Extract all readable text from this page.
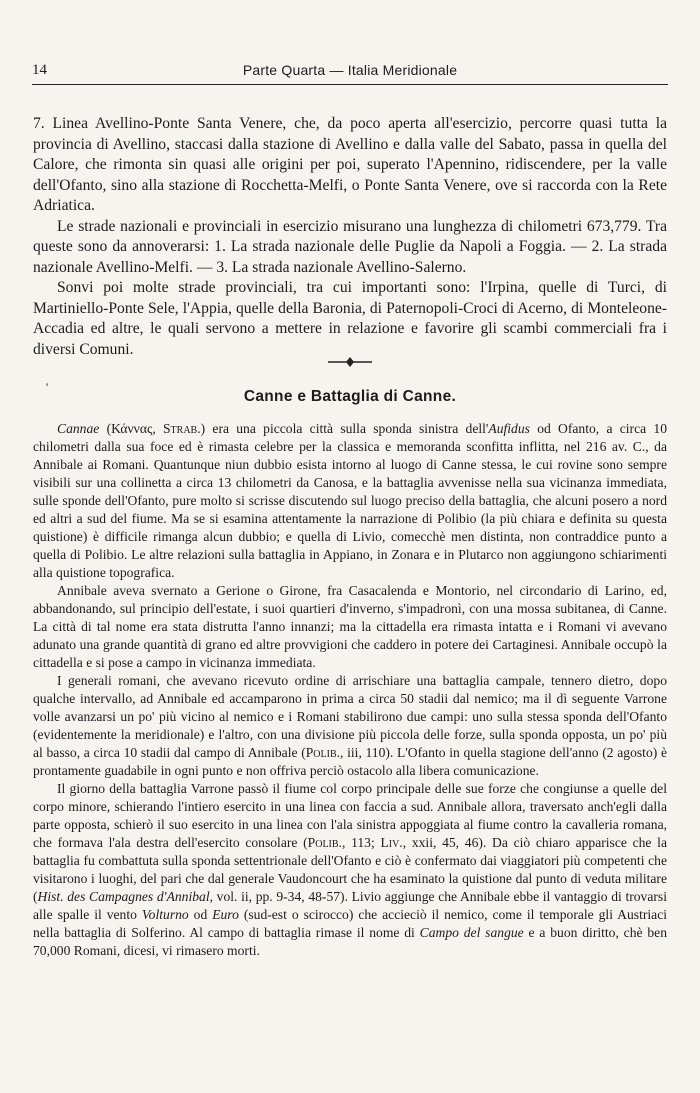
14	Parte Quarta — Italia Meridionale

7. Linea Avellino-Ponte Santa Venere, che, da poco aperta all'esercizio, percorre quasi tutta la provincia di Avellino, staccasi dalla stazione di Avellino e dalla valle del Sabato, passa in quella del Calore, che rimonta sin quasi alle origini per poi, superato l'Apennino, ridiscendere, per la valle dell'Ofanto, sino alla stazione di Rocchetta-Melfi, o Ponte Santa Venere, ove si raccorda con la Rete Adriatica.

Le strade nazionali e provinciali in esercizio misurano una lunghezza di chilometri 673,779. Tra queste sono da annoverarsi: 1. La strada nazionale delle Puglie da Napoli a Foggia. — 2. La strada nazionale Avellino-Melfi. — 3. La strada nazionale Avellino-Salerno.

Sonvi poi molte strade provinciali, tra cui importanti sono: l'Irpina, quelle di Turci, di Martiniello-Ponte Sele, l'Appia, quelle della Baronia, di Paternopoli-Croci di Acerno, di Monteleone-Accadia ed altre, le quali servono a mettere in relazione e favorire gli scambi commerciali fra i diversi Comuni.

'
Canne e Battaglia di Canne.

Cannae (Κάννας, Strab.) era una piccola città sulla sponda sinistra dell'Aufidus od Ofanto, a circa 10 chilometri dalla sua foce ed è rimasta celebre per la classica e memoranda sconfitta inflitta, nel 216 av. C., da Annibale ai Romani. Quantunque niun dubbio esista intorno al luogo di Canne stessa, le cui rovine sono sempre visibili sur una collinetta a circa 13 chilometri da Canosa, e la battaglia avvenisse nella sua vicinanza immediata, sulle sponde dell'Ofanto, pure molto si scrisse discutendo sul luogo preciso della battaglia, che alcuni posero a nord ed altri a sud del fiume. Ma se si esamina attentamente la narrazione di Polibio (la più chiara e definita su questa quistione) è difficile rimanga alcun dubbio; e quella di Livio, comecchè men distinta, non contraddice punto a quella di Polibio. Le altre relazioni sulla battaglia in Appiano, in Zonara e in Plutarco non aggiungono schiarimenti alla quistione topografica.

Annibale aveva svernato a Gerione o Girone, fra Casacalenda e Montorio, nel circondario di Larino, ed, abbandonando, sul principio dell'estate, i suoi quartieri d'inverno, s'impadronì, con una mossa subitanea, di Canne. La città di tal nome era stata distrutta l'anno innanzi; ma la cittadella era rimasta intatta e i Romani vi avevano adunato una grande quantità di grano ed altre provvigioni che caddero in potere dei Cartaginesi. Annibale occupò la cittadella e si pose a campo in vicinanza immediata.

I generali romani, che avevano ricevuto ordine di arrischiare una battaglia campale, tennero dietro, dopo qualche intervallo, ad Annibale ed accamparono in prima a circa 50 stadii dal nemico; ma il dì seguente Varrone volle avanzarsi un po' più vicino al nemico e i Romani stabilirono due campi: uno sulla stessa sponda dell'Ofanto (evidentemente la meridionale) e l'altro, con una divisione più piccola delle forze, sulla sponda opposta, un po' più al basso, a circa 10 stadii dal campo di Annibale (Polib., iii, 110). L'Ofanto in quella stagione dell'anno (2 agosto) è prontamente guadabile in ogni punto e non offriva perciò ostacolo alla libera comunicazione.

Il giorno della battaglia Varrone passò il fiume col corpo principale delle sue forze che congiunse a quelle del corpo minore, schierando l'intiero esercito in una linea con faccia a sud. Annibale allora, traversato anch'egli dalla parte opposta, schierò il suo esercito in una linea con l'ala sinistra appoggiata al fiume contro la cavalleria romana, che formava l'ala destra dell'esercito consolare (Polib., 113; Liv., xxii, 45, 46). Da ciò chiaro apparisce che la battaglia fu combattuta sulla sponda settentrionale dell'Ofanto e ciò è confermato dai viaggiatori più competenti che visitarono i luoghi, del pari che dal generale Vaudoncourt che ha esaminato la quistione dal punto di veduta militare (Hist. des Campagnes d'Annibal, vol. ii, pp. 9-34, 48-57). Livio aggiunge che Annibale ebbe il vantaggio di trovarsi alle spalle il vento Volturno od Euro (sud-est o scirocco) che accieciò il nemico, come il temporale gli Austriaci nella battaglia di Solferino. Al campo di battaglia rimase il nome di Campo del sangue e a buon diritto, chè ben 70,000 Romani, dicesi, vi rimasero morti.
